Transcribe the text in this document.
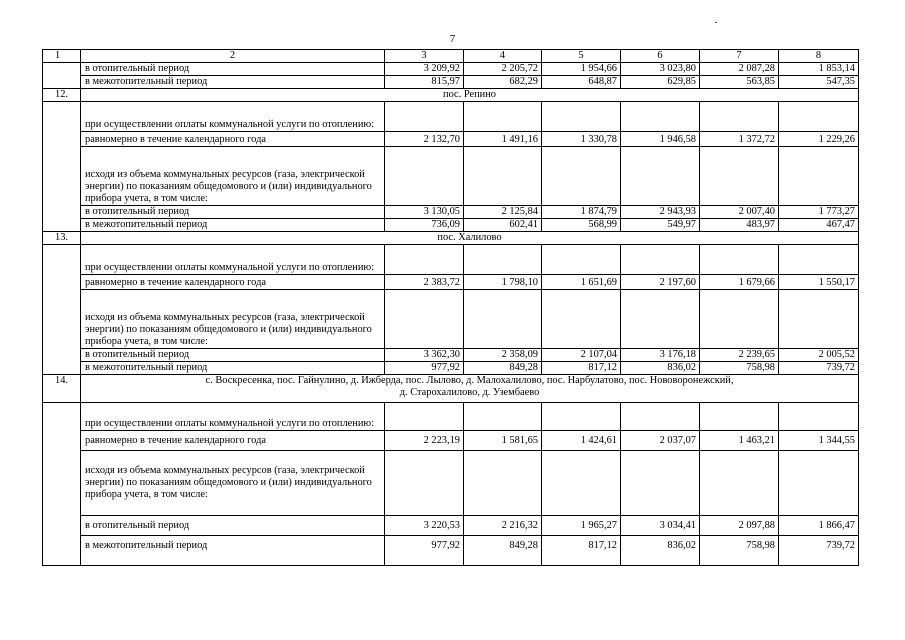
7
1	2	3	4	5	6	7	8
	в отопительный период	3 209,92	2 205,72	1 954,66	3 023,80	2 087,28	1 853,14
	в межотопительный период	815,97	682,29	648,87	629,85	563,85	547,35
12.	пос. Репино						
	при осуществлении оплаты коммунальной услуги по отоплению:						
	равномерно в течение календарного года	2 132,70	1 491,16	1 330,78	1 946,58	1 372,72	1 229,26
	исходя из объема коммунальных ресурсов (газа, электрической энергии) по показаниям общедомового и (или) индивидуального прибора учета, в том числе:						
	в отопительный период	3 130,05	2 125,84	1 874,79	2 943,93	2 007,40	1 773,27
	в межотопительный период	736,09	602,41	568,99	549,97	483,97	467,47
13.	пос. Халилово						
	при осуществлении оплаты коммунальной услуги по отоплению:						
	равномерно в течение календарного года	2 383,72	1 798,10	1 651,69	2 197,60	1 679,66	1 550,17
	исходя из объема коммунальных ресурсов (газа, электрической энергии) по показаниям общедомового и (или) индивидуального прибора учета, в том числе:						
	в отопительный период	3 362,30	2 358,09	2 107,04	3 176,18	2 239,65	2 005,52
	в межотопительный период	977,92	849,28	817,12	836,02	758,98	739,72
14.	с. Воскресенка, пос. Гайнулино, д. Ижберда, пос. Лылово, д. Малохалилово, пос. Нарбулатово, пос. Нововоронежский,
д. Старохалилово, д. Узембаево						

	при осуществлении оплаты коммунальной услуги по отоплению:						
	равномерно в течение календарного года	2 223,19	1 581,65	1 424,61	2 037,07	1 463,21	1 344,55
	исходя из объема коммунальных ресурсов (газа, электрической энергии) по показаниям общедомового и (или) индивидуального прибора учета, в том числе:						
	в отопительный период	3 220,53	2 216,32	1 965,27	3 034,41	2 097,88	1 866,47
	в межотопительный период	977,92	849,28	817,12	836,02	758,98	739,72
